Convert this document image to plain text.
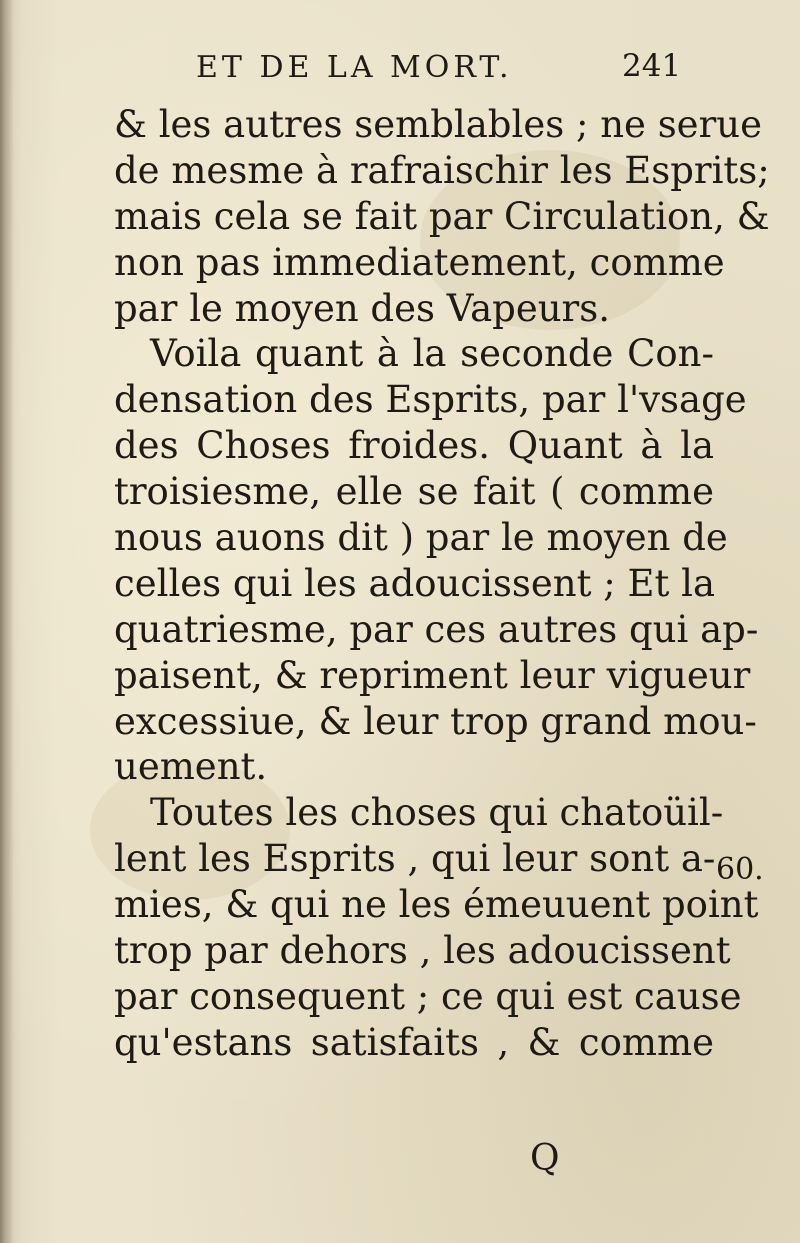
ET DE LA MORT.	241
& les autres semblables ; ne serue
de mesme à rafraischir les Esprits;
mais cela se fait par Circulation, &
non pas immediatement, comme
par le moyen des Vapeurs.
Voila quant à la seconde Con-
densation des Esprits, par l'vsage
des Choses froides. Quant à la
troisiesme, elle se fait ( comme
nous auons dit ) par le moyen de
celles qui les adoucissent ; Et la
quatriesme, par ces autres qui ap-
paisent, & repriment leur vigueur
excessiue, & leur trop grand mou-
uement.
Toutes les choses qui chatoüil-
lent les Esprits , qui leur sont a-
mies, & qui ne les émeuuent point
trop par dehors , les adoucissent
par consequent ; ce qui est cause
qu'estans satisfaits , & comme
60.
Q
